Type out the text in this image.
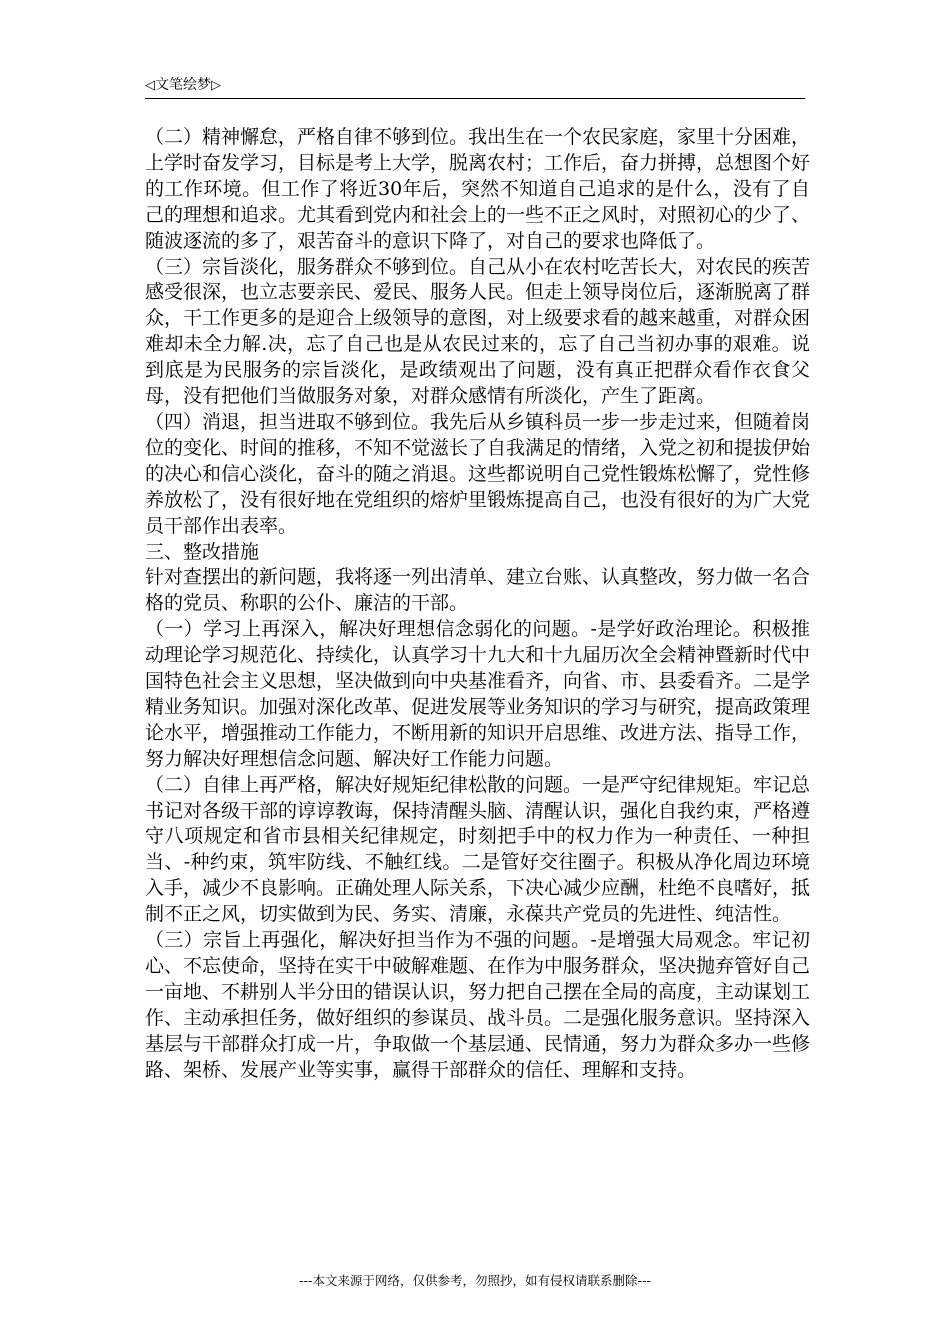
◁文笔绘梦▷

（二）精神懈怠，严格自律不够到位。我出生在一个农民家庭，家里十分困难，上学时奋发学习，目标是考上大学，脱离农村；工作后，奋力拼搏，总想图个好的工作环境。但工作了将近30年后，突然不知道自己追求的是什么，没有了自己的理想和追求。尤其看到党内和社会上的一些不正之风时，对照初心的少了、随波逐流的多了，艰苦奋斗的意识下降了，对自己的要求也降低了。

（三）宗旨淡化，服务群众不够到位。自己从小在农村吃苦长大，对农民的疾苦感受很深，也立志要亲民、爱民、服务人民。但走上领导岗位后，逐渐脱离了群众，干工作更多的是迎合上级领导的意图，对上级要求看的越来越重，对群众困难却未全力解.决，忘了自己也是从农民过来的，忘了自己当初办事的艰难。说到底是为民服务的宗旨淡化，是政绩观出了问题，没有真正把群众看作衣食父母，没有把他们当做服务对象，对群众感情有所淡化，产生了距离。

（四）消退，担当进取不够到位。我先后从乡镇科员一步一步走过来，但随着岗位的变化、时间的推移，不知不觉滋长了自我满足的情绪，入党之初和提拔伊始的决心和信心淡化，奋斗的随之消退。这些都说明自己党性锻炼松懈了，党性修养放松了，没有很好地在党组织的熔炉里锻炼提高自己，也没有很好的为广大党员干部作出表率。

三、整改措施

针对查摆出的新问题，我将逐一列出清单、建立台账、认真整改，努力做一名合格的党员、称职的公仆、廉洁的干部。

（一）学习上再深入，解决好理想信念弱化的问题。-是学好政治理论。积极推动理论学习规范化、持续化，认真学习十九大和十九届历次全会精神暨新时代中国特色社会主义思想，坚决做到向中央基准看齐，向省、市、县委看齐。二是学精业务知识。加强对深化改革、促进发展等业务知识的学习与研究，提高政策理论水平，增强推动工作能力，不断用新的知识开启思维、改进方法、指导工作，努力解决好理想信念问题、解决好工作能力问题。

（二）自律上再严格，解决好规矩纪律松散的问题。一是严守纪律规矩。牢记总书记对各级干部的谆谆教诲，保持清醒头脑、清醒认识，强化自我约束，严格遵守八项规定和省市县相关纪律规定，时刻把手中的权力作为一种责任、一种担当、-种约束，筑牢防线、不触红线。二是管好交往圈子。积极从净化周边环境入手，减少不良影响。正确处理人际关系，下决心减少应酬，杜绝不良嗜好，抵制不正之风，切实做到为民、务实、清廉，永葆共产党员的先进性、纯洁性。

（三）宗旨上再强化，解决好担当作为不强的问题。-是增强大局观念。牢记初心、不忘使命，坚持在实干中破解难题、在作为中服务群众，坚决抛弃管好自己一亩地、不耕别人半分田的错误认识，努力把自己摆在全局的高度，主动谋划工作、主动承担任务，做好组织的参谋员、战斗员。二是强化服务意识。坚持深入基层与干部群众打成一片，争取做一个基层通、民情通，努力为群众多办一些修路、架桥、发展产业等实事，赢得干部群众的信任、理解和支持。

---本文来源于网络，仅供参考，勿照抄，如有侵权请联系删除---
